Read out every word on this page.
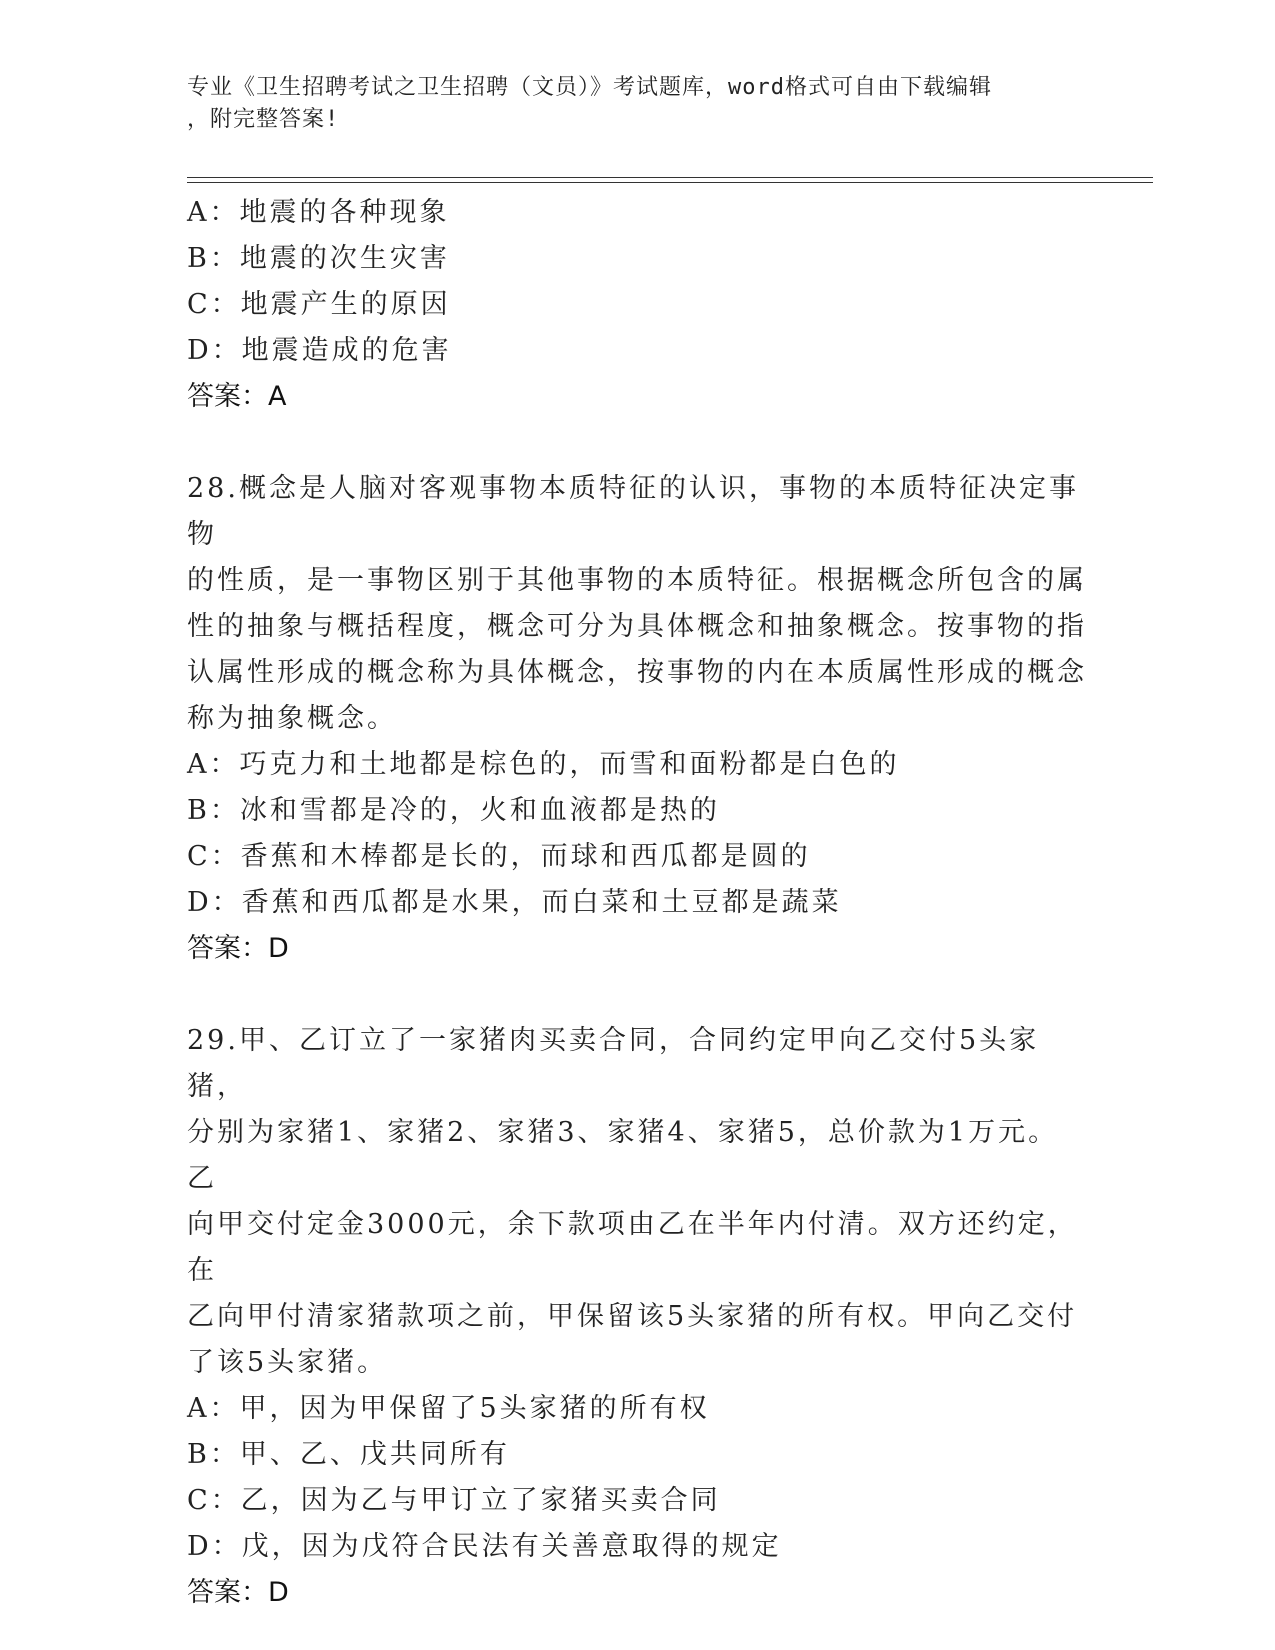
专业《卫生招聘考试之卫生招聘（文员）》考试题库，word格式可自由下载编辑
，附完整答案!

A：地震的各种现象

B：地震的次生灾害

C：地震产生的原因

D：地震造成的危害

答案：A

28.概念是人脑对客观事物本质特征的认识，事物的本质特征决定事物

的性质，是一事物区别于其他事物的本质特征。根据概念所包含的属

性的抽象与概括程度，概念可分为具体概念和抽象概念。按事物的指

认属性形成的概念称为具体概念，按事物的内在本质属性形成的概念

称为抽象概念。

A：巧克力和土地都是棕色的，而雪和面粉都是白色的

B：冰和雪都是冷的，火和血液都是热的

C：香蕉和木棒都是长的，而球和西瓜都是圆的

D：香蕉和西瓜都是水果，而白菜和土豆都是蔬菜

答案：D

29.甲、乙订立了一家猪肉买卖合同，合同约定甲向乙交付5头家猪，

分别为家猪1、家猪2、家猪3、家猪4、家猪5，总价款为1万元。乙

向甲交付定金3000元，余下款项由乙在半年内付清。双方还约定，在

乙向甲付清家猪款项之前，甲保留该5头家猪的所有权。甲向乙交付

了该5头家猪。

A：甲，因为甲保留了5头家猪的所有权

B：甲、乙、戊共同所有

C：乙，因为乙与甲订立了家猪买卖合同

D：戊，因为戊符合民法有关善意取得的规定

答案：D
